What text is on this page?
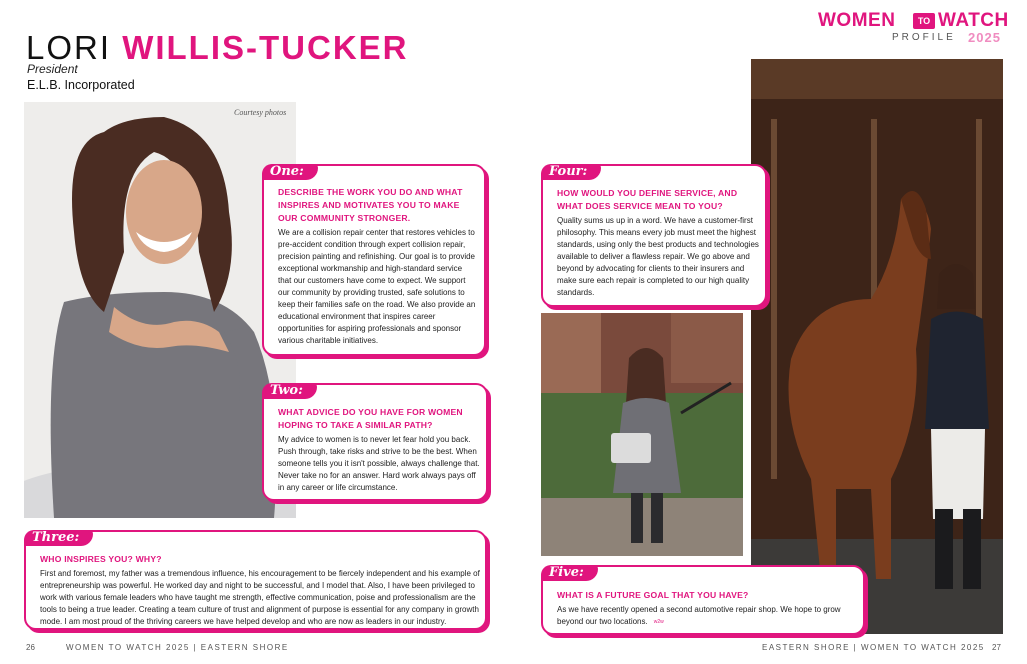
LORI WILLIS-TUCKER
President
E.L.B. Incorporated
WOMEN	TO WATCH
PROFILE 2025
Courtesy photos
One:
DESCRIBE THE WORK YOU DO AND WHAT INSPIRES AND MOTIVATES YOU TO MAKE OUR COMMUNITY STRONGER.
We are a collision repair center that restores vehicles to pre-accident condition through expert collision repair, precision painting and refinishing. Our goal is to provide exceptional workmanship and high-standard service that our customers have come to expect. We support our community by providing trusted, safe solutions to keep their families safe on the road. We also provide an educational environment that inspires career opportunities for aspiring professionals and sponsor various charitable initiatives.
Two:
WHAT ADVICE DO YOU HAVE FOR WOMEN HOPING TO TAKE A SIMILAR PATH?
My advice to women is to never let fear hold you back. Push through, take risks and strive to be the best. When someone tells you it isn't possible, always challenge that. Never take no for an answer. Hard work always pays off in any career or life circumstance.
Three:
WHO INSPIRES YOU? WHY?
First and foremost, my father was a tremendous influence, his encouragement to be fiercely independent and his example of entrepreneurship was powerful. He worked day and night to be successful, and I model that. Also, I have been privileged to work with various female leaders who have taught me strength, effective communication, poise and professionalism are the tools to being a true leader. Creating a team culture of trust and alignment of purpose is essential for any company in growth mode. I am most proud of the thriving careers we have helped develop and who are now as leaders in our industry.
Four:
HOW WOULD YOU DEFINE SERVICE, AND WHAT DOES SERVICE MEAN TO YOU?
Quality sums us up in a word. We have a customer-first philosophy. This means every job must meet the highest standards, using only the best products and technologies available to deliver a flawless repair. We go above and beyond by advocating for clients to their insurers and make sure each repair is completed to our high quality standards.
Five:
WHAT IS A FUTURE GOAL THAT YOU HAVE?
As we have recently opened a second automotive repair shop. We hope to grow beyond our two locations. w2w
26	WOMEN TO WATCH 2025 | EASTERN SHORE	EASTERN SHORE | WOMEN TO WATCH 2025 27
